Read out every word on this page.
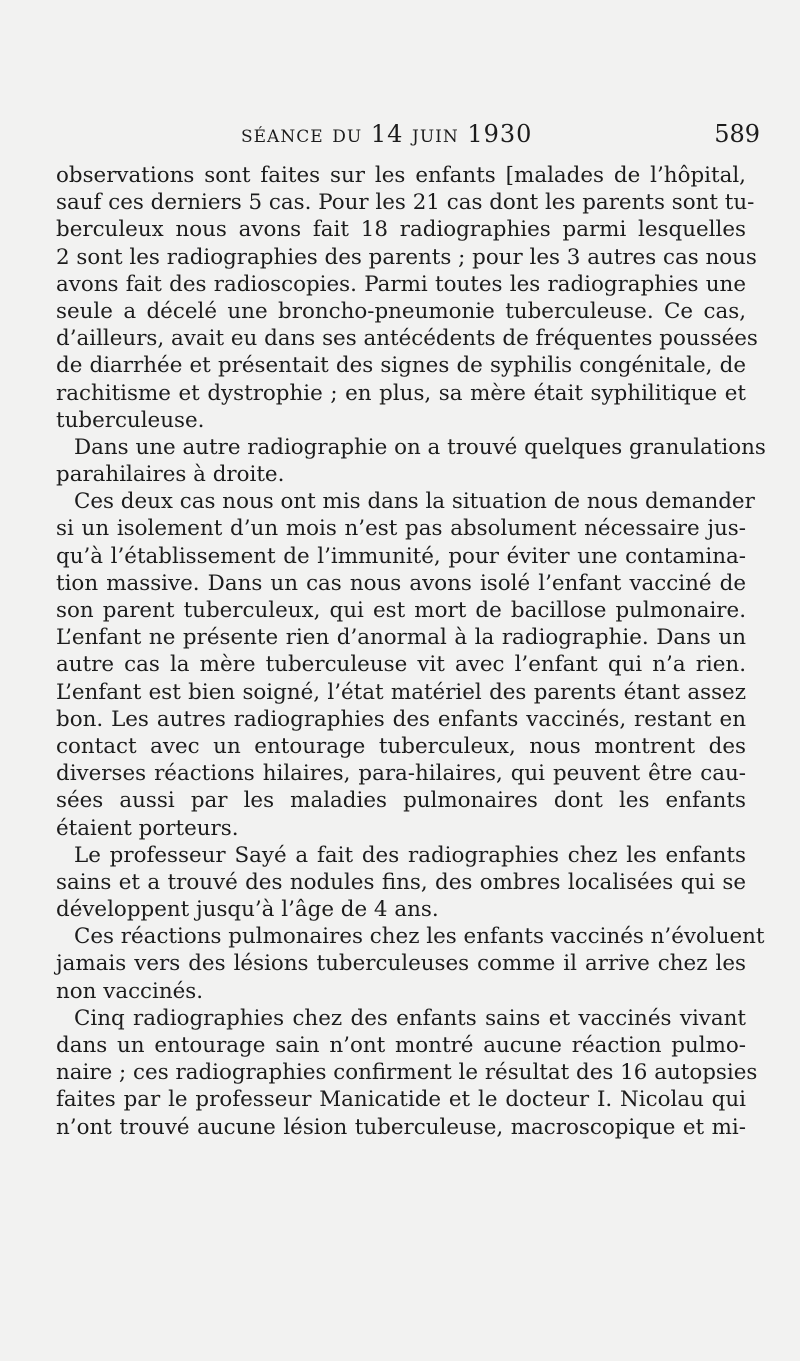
séance du 14 juin 1930	589

observations sont faites sur les enfants [malades de l’hôpital,
sauf ces derniers 5 cas. Pour les 21 cas dont les parents sont tu-
berculeux nous avons fait 18 radiographies parmi lesquelles
2 sont les radiographies des parents ; pour les 3 autres cas nous
avons fait des radioscopies. Parmi toutes les radiographies une
seule a décelé une broncho-pneumonie tuberculeuse. Ce cas,
d’ailleurs, avait eu dans ses antécédents de fréquentes poussées
de diarrhée et présentait des signes de syphilis congénitale, de
rachitisme et dystrophie ; en plus, sa mère était syphilitique et
tuberculeuse.

Dans une autre radiographie on a trouvé quelques granulations
parahilaires à droite.

Ces deux cas nous ont mis dans la situation de nous demander
si un isolement d’un mois n’est pas absolument nécessaire jus-
qu’à l’établissement de l’immunité, pour éviter une contamina-
tion massive. Dans un cas nous avons isolé l’enfant vacciné de
son parent tuberculeux, qui est mort de bacillose pulmonaire.
L’enfant ne présente rien d’anormal à la radiographie. Dans un
autre cas la mère tuberculeuse vit avec l’enfant qui n’a rien.
L’enfant est bien soigné, l’état matériel des parents étant assez
bon. Les autres radiographies des enfants vaccinés, restant en
contact avec un entourage tuberculeux, nous montrent des
diverses réactions hilaires, para-hilaires, qui peuvent être cau-
sées aussi par les maladies pulmonaires dont les enfants
étaient porteurs.

Le professeur Sayé a fait des radiographies chez les enfants
sains et a trouvé des nodules fins, des ombres localisées qui se
développent jusqu’à l’âge de 4 ans.

Ces réactions pulmonaires chez les enfants vaccinés n’évoluent
jamais vers des lésions tuberculeuses comme il arrive chez les
non vaccinés.

Cinq radiographies chez des enfants sains et vaccinés vivant
dans un entourage sain n’ont montré aucune réaction pulmo-
naire ; ces radiographies confirment le résultat des 16 autopsies
faites par le professeur Manicatide et le docteur I. Nicolau qui
n’ont trouvé aucune lésion tuberculeuse, macroscopique et mi-
